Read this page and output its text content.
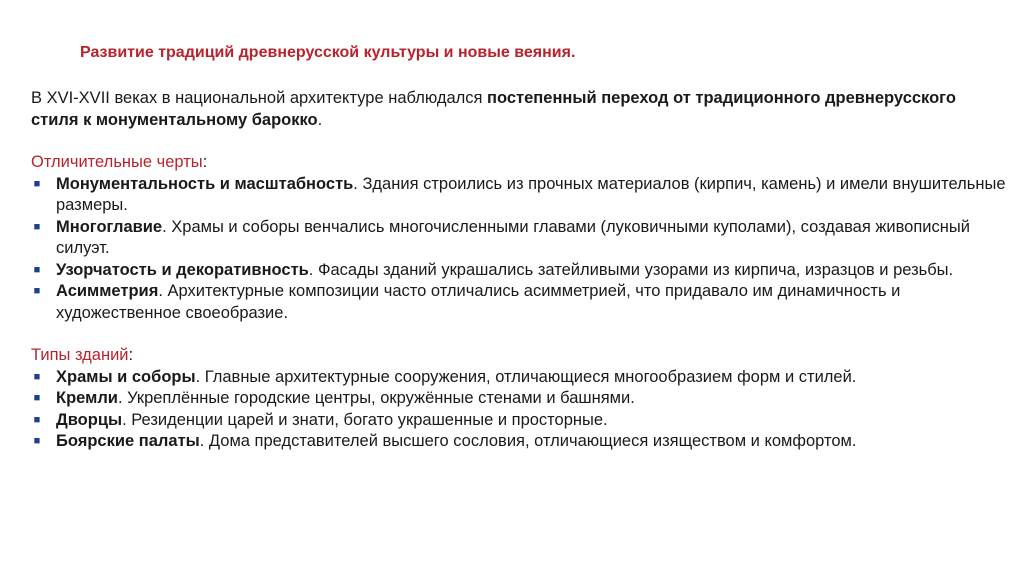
Развитие традиций древнерусской культуры и новые веяния.

В XVI-XVII веках в национальной архитектуре наблюдался постепенный переход от традиционного древнерусского стиля к монументальному барокко.

Отличительные черты:
■ Монументальность и масштабность. Здания строились из прочных материалов (кирпич, камень) и имели внушительные размеры.
■ Многоглавие. Храмы и соборы венчались многочисленными главами (луковичными куполами), создавая живописный силуэт.
■ Узорчатость и декоративность. Фасады зданий украшались затейливыми узорами из кирпича, изразцов и резьбы.
■ Асимметрия. Архитектурные композиции часто отличались асимметрией, что придавало им динамичность и художественное своеобразие.
Типы зданий:
■ Храмы и соборы. Главные архитектурные сооружения, отличающиеся многообразием форм и стилей.
■ Кремли. Укреплённые городские центры, окружённые стенами и башнями.
■ Дворцы. Резиденции царей и знати, богато украшенные и просторные.
■ Боярские палаты. Дома представителей высшего сословия, отличающиеся изяществом и комфортом.
